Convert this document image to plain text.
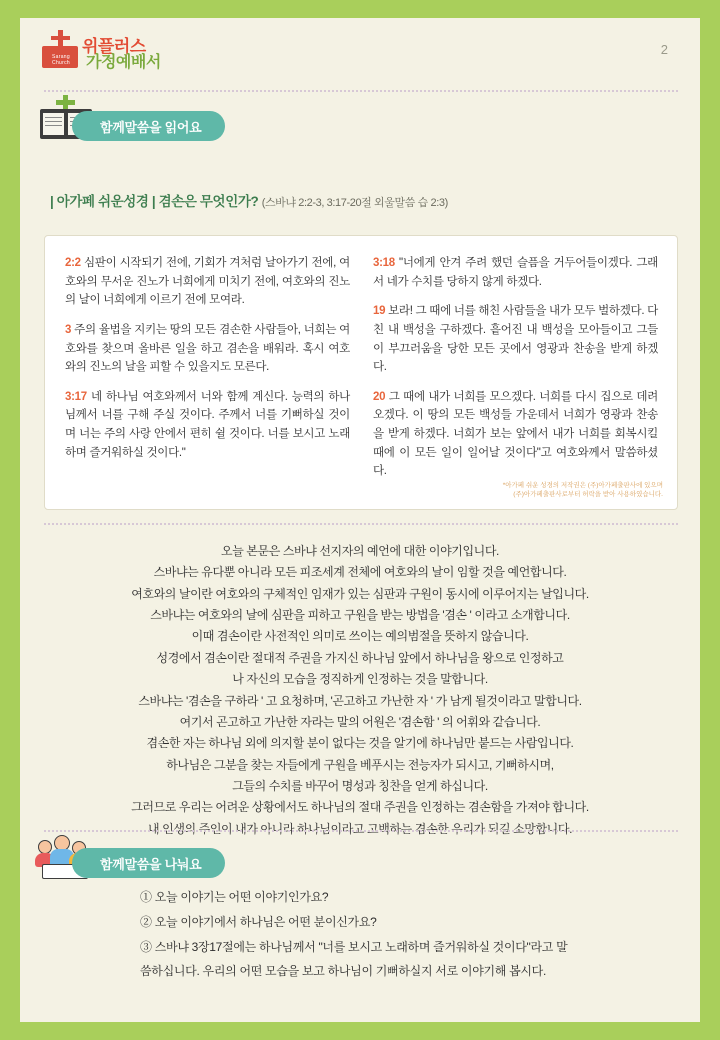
Sarang Church
위플러스
가정예배서
2
함께 말씀을 읽어요
| 아가페 쉬운성경 | 겸손은 무엇인가? (스바냐 2:2-3, 3:17-20절 외울말씀 습 2:3)

2:2 심판이 시작되기 전에, 기회가 겨처럼 날아가기 전에, 여호와의 무서운 진노가 너희에게 미치기 전에, 여호와의 진노의 날이 너희에게 이르기 전에 모여라.

3 주의 율법을 지키는 땅의 모든 겸손한 사람들아, 너희는 여호와를 찾으며 올바른 일을 하고 겸손을 배워라. 혹시 여호와의 진노의 날을 피할 수 있을지도 모른다.

3:17 네 하나님 여호와께서 너와 함께 계신다. 능력의 하나님께서 너를 구해 주실 것이다. 주께서 너를 기뻐하실 것이며 너는 주의 사랑 안에서 편히 쉴 것이다. 너를 보시고 노래하며 즐거워하실 것이다."

3:18 "너에게 안겨 주려 했던 슬픔을 거두어들이겠다. 그래서 네가 수치를 당하지 않게 하겠다.

19 보라! 그 때에 너를 해친 사람들을 내가 모두 벌하겠다. 다친 내 백성을 구하겠다. 흩어진 내 백성을 모아들이고 그들이 부끄러움을 당한 모든 곳에서 영광과 찬송을 받게 하겠다.

20 그 때에 내가 너희를 모으겠다. 너희를 다시 집으로 데려오겠다. 이 땅의 모든 백성들 가운데서 너희가 영광과 찬송을 받게 하겠다. 너희가 보는 앞에서 내가 너희를 회복시킬 때에 이 모든 일이 일어날 것이다"고 여호와께서 말씀하셨다.

*아가페 쉬운 성경의 저작권은 (주)아가페출판사에 있으며
(주)아가페출판사로부터 허락을 받아 사용하였습니다.
오늘 본문은 스바냐 선지자의 예언에 대한 이야기입니다.
스바냐는 유다뿐 아니라 모든 피조세계 전체에 여호와의 날이 임할 것을 예언합니다.
여호와의 날이란 여호와의 구체적인 임재가 있는 심판과 구원이 동시에 이루어지는 날입니다.
스바냐는 여호와의 날에 심판을 피하고 구원을 받는 방법을 '겸손 ' 이라고 소개합니다.
이때 겸손이란 사전적인 의미로 쓰이는 예의범절을 뜻하지 않습니다.
성경에서 겸손이란 절대적 주권을 가지신 하나님 앞에서 하나님을 왕으로 인정하고
나 자신의 모습을 정직하게 인정하는 것을 말합니다.
스바냐는 '겸손을 구하라 ' 고 요청하며, '곤고하고 가난한 자 ' 가 남게 될것이라고 말합니다.
여기서 곤고하고 가난한 자라는 말의 어원은 '겸손함 ' 의 어휘와 같습니다.
겸손한 자는 하나님 외에 의지할 분이 없다는 것을 알기에 하나님만 붙드는 사람입니다.
하나님은 그분을 찾는 자들에게 구원을 베푸시는 전능자가 되시고, 기뻐하시며,
그들의 수치를 바꾸어 명성과 칭찬을 얻게 하십니다.
그러므로 우리는 어려운 상황에서도 하나님의 절대 주권을 인정하는 겸손함을 가져야 합니다.
내 인생의 주인이 내가 아니라 하나님이라고 고백하는 겸손한 우리가 되길 소망합니다.
함께 말씀을 나눠요
① 오늘 이야기는 어떤 이야기인가요?
② 오늘 이야기에서 하나님은 어떤 분이신가요?
③ 스바냐 3장17절에는 하나님께서 "너를 보시고 노래하며 즐거워하실 것이다"라고 말
씀하십니다. 우리의 어떤 모습을 보고 하나님이 기뻐하실지 서로 이야기해 봅시다.
